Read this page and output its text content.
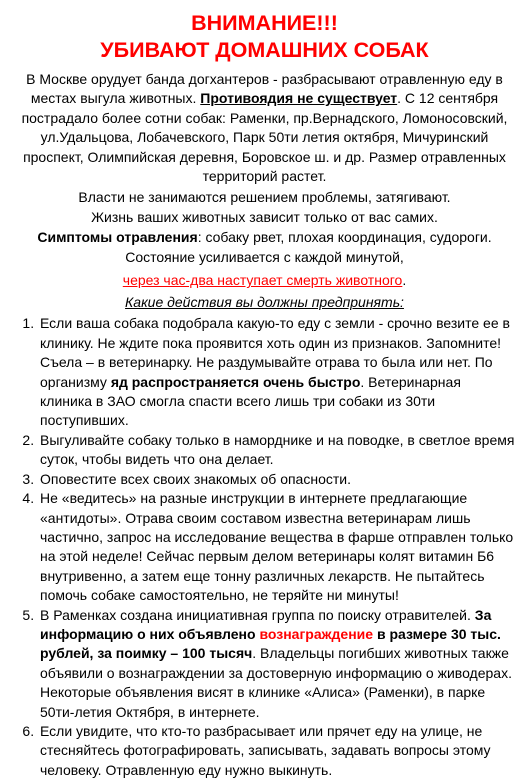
ВНИМАНИЕ!!!

УБИВАЮТ ДОМАШНИХ СОБАК

В Москве орудует банда догхантеров - разбрасывают отравленную еду в местах выгула животных. Противоядия не существует. С 12 сентября пострадало более сотни собак: Раменки, пр.Вернадского, Ломоносовский, ул.Удальцова, Лобачевского, Парк 50ти летия октября, Мичуринский проспект, Олимпийская деревня, Боровское ш. и др. Размер отравленных территорий растет.

Власти не занимаются решением проблемы, затягивают.

Жизнь ваших животных зависит только от вас самих.

Симптомы отравления: собаку рвет, плохая координация, судороги.

Состояние усиливается с каждой минутой,

через час-два наступает смерть животного.

Какие действия вы должны предпринять:

1. Если ваша собака подобрала какую-то еду с земли - срочно везите ее в клинику. Не ждите пока проявится хоть один из признаков. Запомните! Съела – в ветеринарку. Не раздумывайте отрава то была или нет. По организму яд распространяется очень быстро. Ветеринарная клиника в ЗАО смогла спасти всего лишь три собаки из 30ти поступивших.
2. Выгуливайте собаку только в наморднике и на поводке, в светлое время суток, чтобы видеть что она делает.
3. Оповестите всех своих знакомых об опасности.
4. Не «ведитесь» на разные инструкции в интернете предлагающие «антидоты». Отрава своим составом известна ветеринарам лишь частично, запрос на исследование вещества в фарше отправлен только на этой неделе! Сейчас первым делом ветеринары колят витамин Б6 внутривенно, а затем еще тонну различных лекарств. Не пытайтесь помочь собаке самостоятельно, не теряйте ни минуты!
5. В Раменках создана инициативная группа по поиску отравителей. За информацию о них объявлено вознаграждение в размере 30 тыс. рублей, за поимку – 100 тысяч. Владельцы погибших животных также объявили о вознаграждении за достоверную информацию о живодерах. Некоторые объявления висят в клинике «Алиса» (Раменки), в парке 50ти-летия Октября, в интернете.
6. Если увидите, что кто-то разбрасывает или прячет еду на улице, не стесняйтесь фотографировать, записывать, задавать вопросы этому человеку. Отравленную еду нужно выкинуть.
